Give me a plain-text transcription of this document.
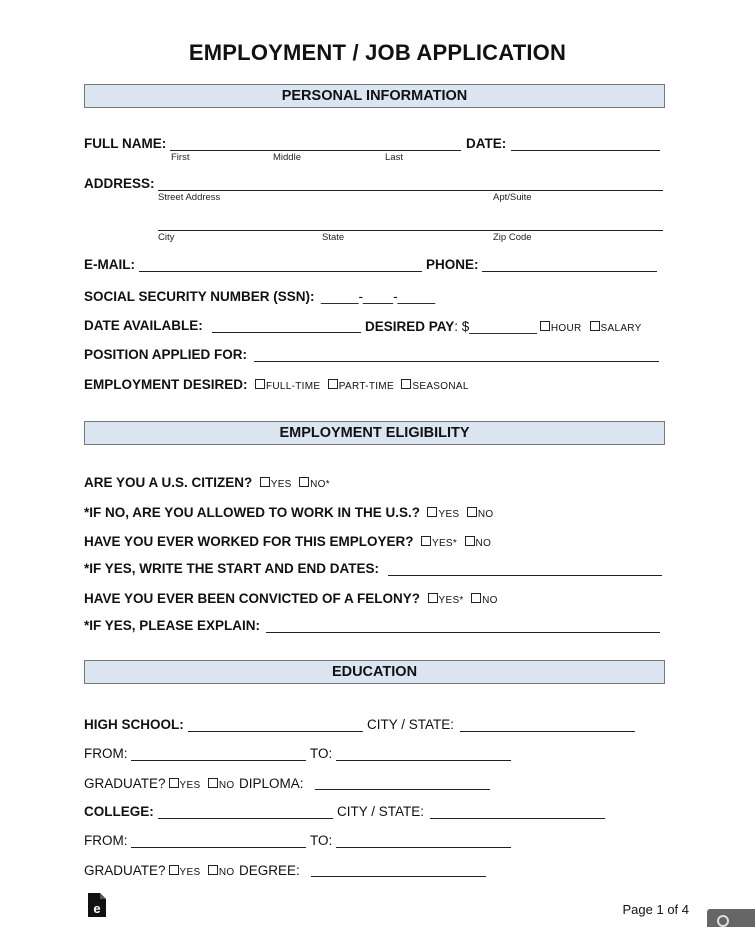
EMPLOYMENT / JOB APPLICATION
PERSONAL INFORMATION
FULL NAME:
First	Middle	Last
DATE:
ADDRESS:
Street Address	Apt/Suite
City	State	Zip Code
E-MAIL:	PHONE:
SOCIAL SECURITY NUMBER (SSN): _____-____-_____
DATE AVAILABLE:	DESIRED PAY: $_________ HOUR SALARY
POSITION APPLIED FOR:
EMPLOYMENT DESIRED: FULL-TIME PART-TIME SEASONAL
EMPLOYMENT ELIGIBILITY
ARE YOU A U.S. CITIZEN? YES NO*
*IF NO, ARE YOU ALLOWED TO WORK IN THE U.S.? YES NO
HAVE YOU EVER WORKED FOR THIS EMPLOYER? YES* NO
*IF YES, WRITE THE START AND END DATES:
HAVE YOU EVER BEEN CONVICTED OF A FELONY? YES* NO
*IF YES, PLEASE EXPLAIN:
EDUCATION
HIGH SCHOOL:	CITY / STATE:
FROM:	TO:
GRADUATE? YES NO DIPLOMA:
COLLEGE:	CITY / STATE:
FROM:	TO:
GRADUATE? YES NO DEGREE:
e	Page 1 of 4
